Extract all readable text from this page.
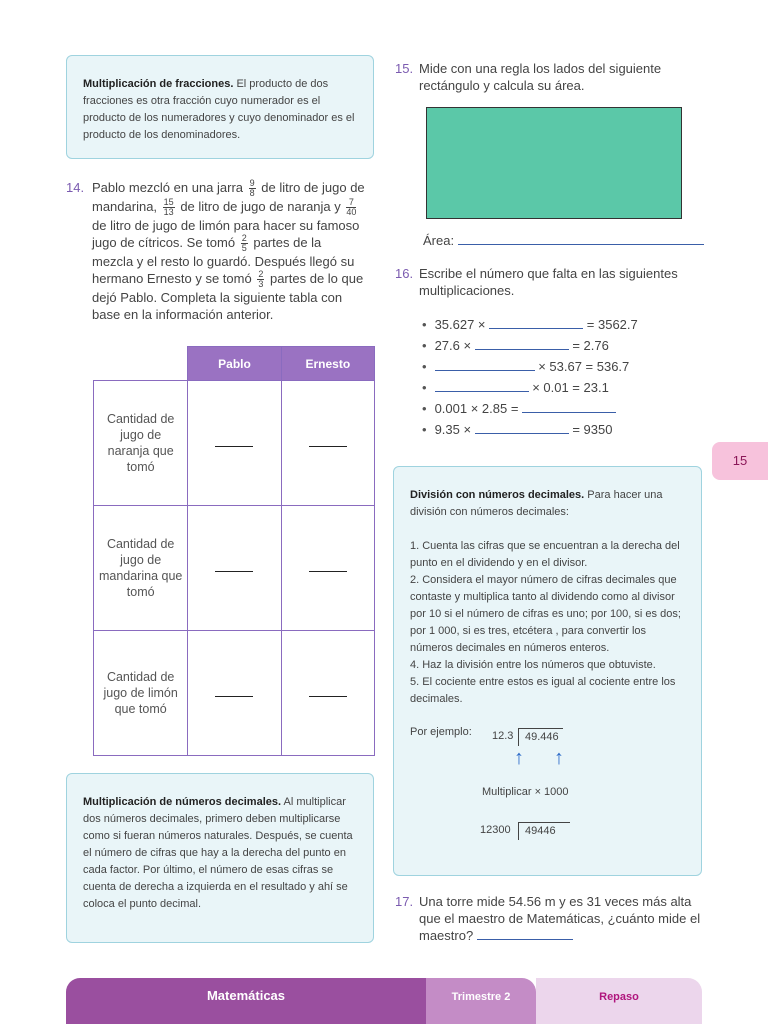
Multiplicación de fracciones. El producto de dos fracciones es otra fracción cuyo numerador es el producto de los numeradores y cuyo denominador es el producto de los denominadores.
14. Pablo mezcló en una jarra $\frac{9}{8}$ de litro de jugo de mandarina, $\frac{15}{13}$ de litro de jugo de naranja y $\frac{7}{40}$
de litro de jugo de limón para hacer su famoso jugo de cítricos. Se tomó $\frac{2}{5}$ partes de la mezcla y el resto lo guardó. Después llegó su hermano Ernesto y se tomó $\frac{2}{3}$ partes de lo que dejó Pablo. Completa la siguiente tabla con base en la información anterior.
	Pablo	Ernesto
Cantidad de jugo de naranja que tomó		
Cantidad de jugo de mandarina que tomó		
Cantidad de jugo de limón que tomó		
Multiplicación de números decimales. Al multiplicar dos números decimales, primero deben multiplicarse como si fueran números naturales. Después, se cuenta el número de cifras que hay a la derecha del punto en cada factor. Por último, el número de esas cifras se cuenta de derecha a izquierda en el resultado y ahí se coloca el punto decimal.
15. Mide con una regla los lados del siguiente rectángulo y calcula su área.
Área:
16. Escribe el número que falta en las siguientes multiplicaciones.
• 35.627 ×	= 3562.7
• 27.6 ×	= 2.76
• × 53.67 = 536.7
• × 0.01 = 23.1
• 0.001 × 2.85 =
• 9.35 ×	= 9350
15
División con números decimales. Para hacer una división con números decimales:
1. Cuenta las cifras que se encuentran a la derecha del punto en el dividendo y en el divisor.
2. Considera el mayor número de cifras decimales que contaste y multiplica tanto al dividendo como al divisor por 10 si el número de cifras es uno; por 100, si es dos; por 1 000, si es tres, etcétera , para convertir los números decimales en números enteros.
4. Haz la división entre los números que obtuviste.
5. El cociente entre estos es igual al cociente entre los decimales.
Por ejemplo: 12.3	49.446
↑ ↑
Multiplicar × 1000
12300	49446
17. Una torre mide 54.56 m y es 31 veces más alta que el maestro de Matemáticas, ¿cuánto mide el maestro?
Matemáticas	Trimestre 2	Repaso
